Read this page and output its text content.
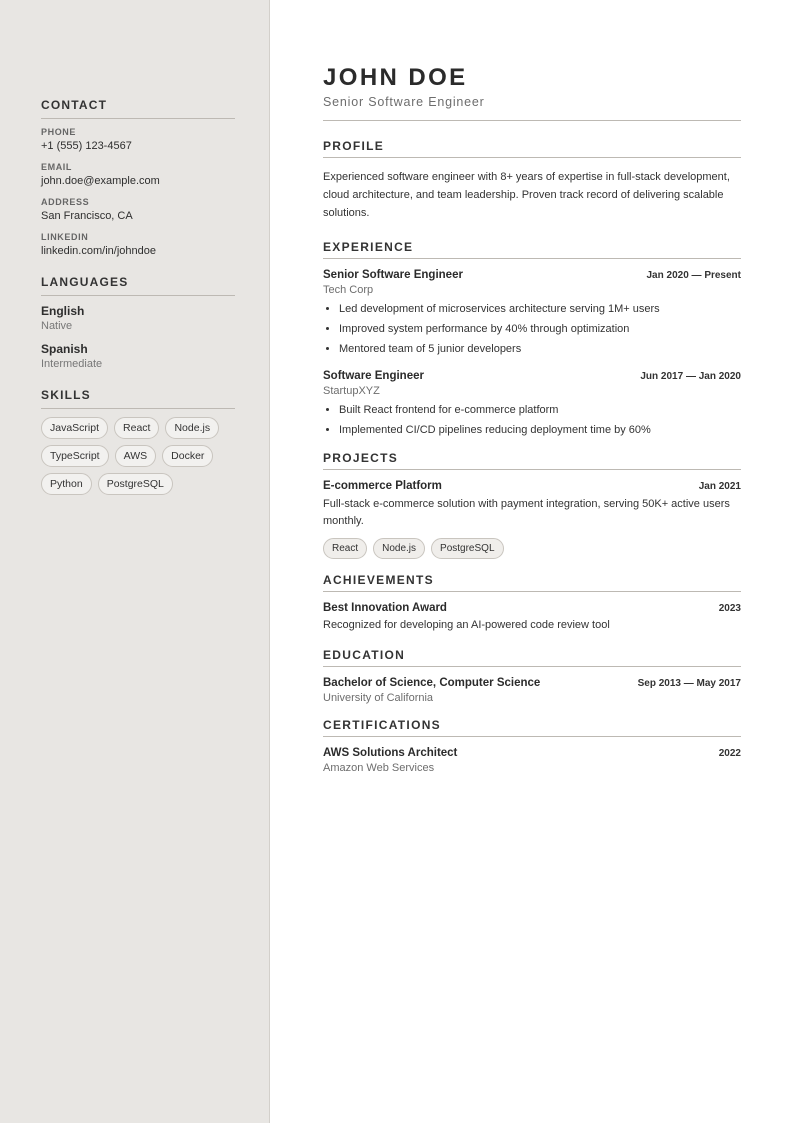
CONTACT
PHONE
+1 (555) 123-4567
EMAIL
john.doe@example.com
ADDRESS
San Francisco, CA
LINKEDIN
linkedin.com/in/johndoe
LANGUAGES
English
Native
Spanish
Intermediate
SKILLS
JavaScript	React	Node.js
TypeScript	AWS	Docker
Python	PostgreSQL
JOHN DOE
Senior Software Engineer
PROFILE

Experienced software engineer with 8+ years of expertise in full-stack development, cloud architecture, and team leadership. Proven track record of delivering scalable solutions.

EXPERIENCE
Senior Software Engineer	Jan 2020 — Present
Tech Corp
• Led development of microservices architecture serving 1M+ users
• Improved system performance by 40% through optimization
• Mentored team of 5 junior developers
Software Engineer	Jun 2017 — Jan 2020
StartupXYZ
• Built React frontend for e-commerce platform
• Implemented CI/CD pipelines reducing deployment time by 60%
PROJECTS
E-commerce Platform	Jan 2021

Full-stack e-commerce solution with payment integration, serving 50K+ active users monthly.

React	Node.js	PostgreSQL
ACHIEVEMENTS
Best Innovation Award	2023

Recognized for developing an AI-powered code review tool

EDUCATION
Bachelor of Science, Computer Science	Sep 2013 — May 2017
University of California
CERTIFICATIONS
AWS Solutions Architect	2022
Amazon Web Services
